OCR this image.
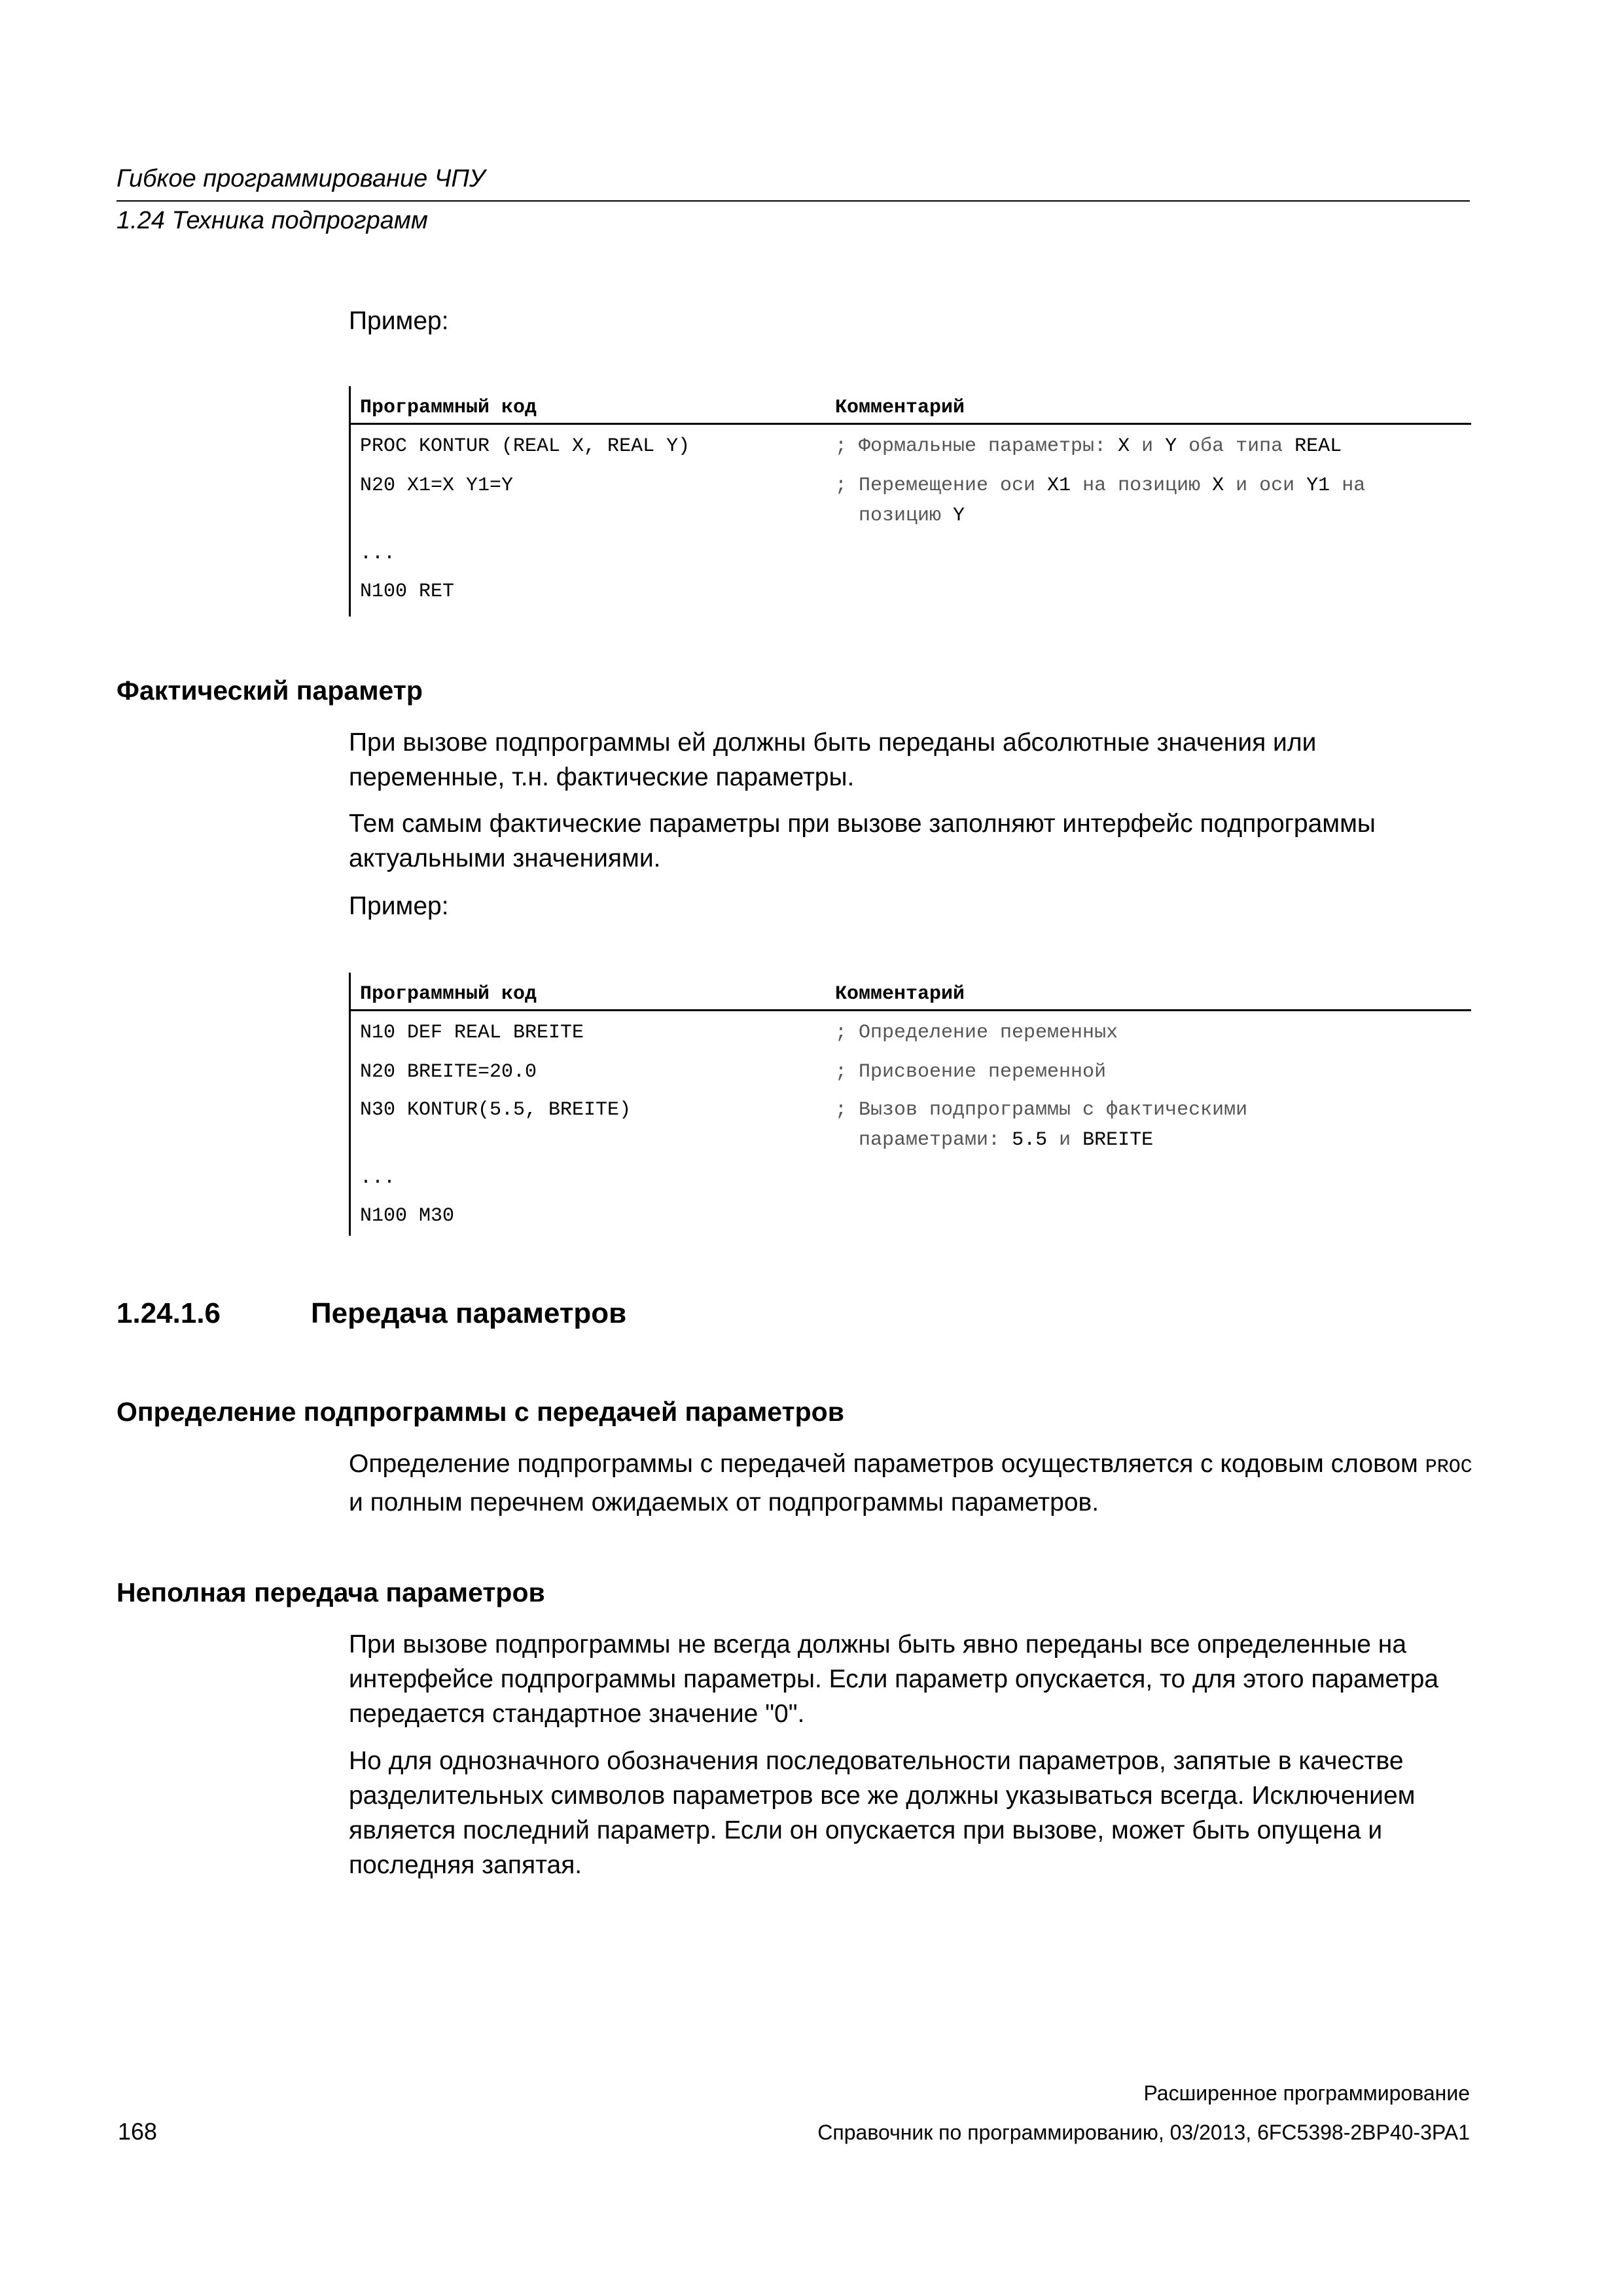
Гибкое программирование ЧПУ
1.24 Техника подпрограмм

Пример:

Программный код	Комментарий
PROC KONTUR (REAL X, REAL Y)	; Формальные параметры: X и Y оба типа REAL
N20 X1=X Y1=Y	; Перемещение оси X1 на позицию X и оси Y1 на
позицию Y
...
N100 RET
Фактический параметр

При вызове подпрограммы ей должны быть переданы абсолютные значения или переменные, т.н. фактические параметры.

Тем самым фактические параметры при вызове заполняют интерфейс подпрограммы актуальными значениями.

Пример:

Программный код	Комментарий
N10 DEF REAL BREITE	; Определение переменных
N20 BREITE=20.0	; Присвоение переменной
N30 KONTUR(5.5, BREITE)	; Вызов подпрограммы с фактическими
параметрами: 5.5 и BREITE
...
N100 M30
1.24.1.6	Передача параметров
Определение подпрограммы с передачей параметров

Определение подпрограммы с передачей параметров осуществляется с кодовым словом PROC и полным перечнем ожидаемых от подпрограммы параметров.

Неполная передача параметров

При вызове подпрограммы не всегда должны быть явно переданы все определенные на интерфейсе подпрограммы параметры. Если параметр опускается, то для этого параметра передается стандартное значение "0".

Но для однозначного обозначения последовательности параметров, запятые в качестве разделительных символов параметров все же должны указываться всегда. Исключением является последний параметр. Если он опускается при вызове, может быть опущена и последняя запятая.

Расширенное программирование
168	Справочник по программированию, 03/2013, 6FC5398-2BP40-3PA1
